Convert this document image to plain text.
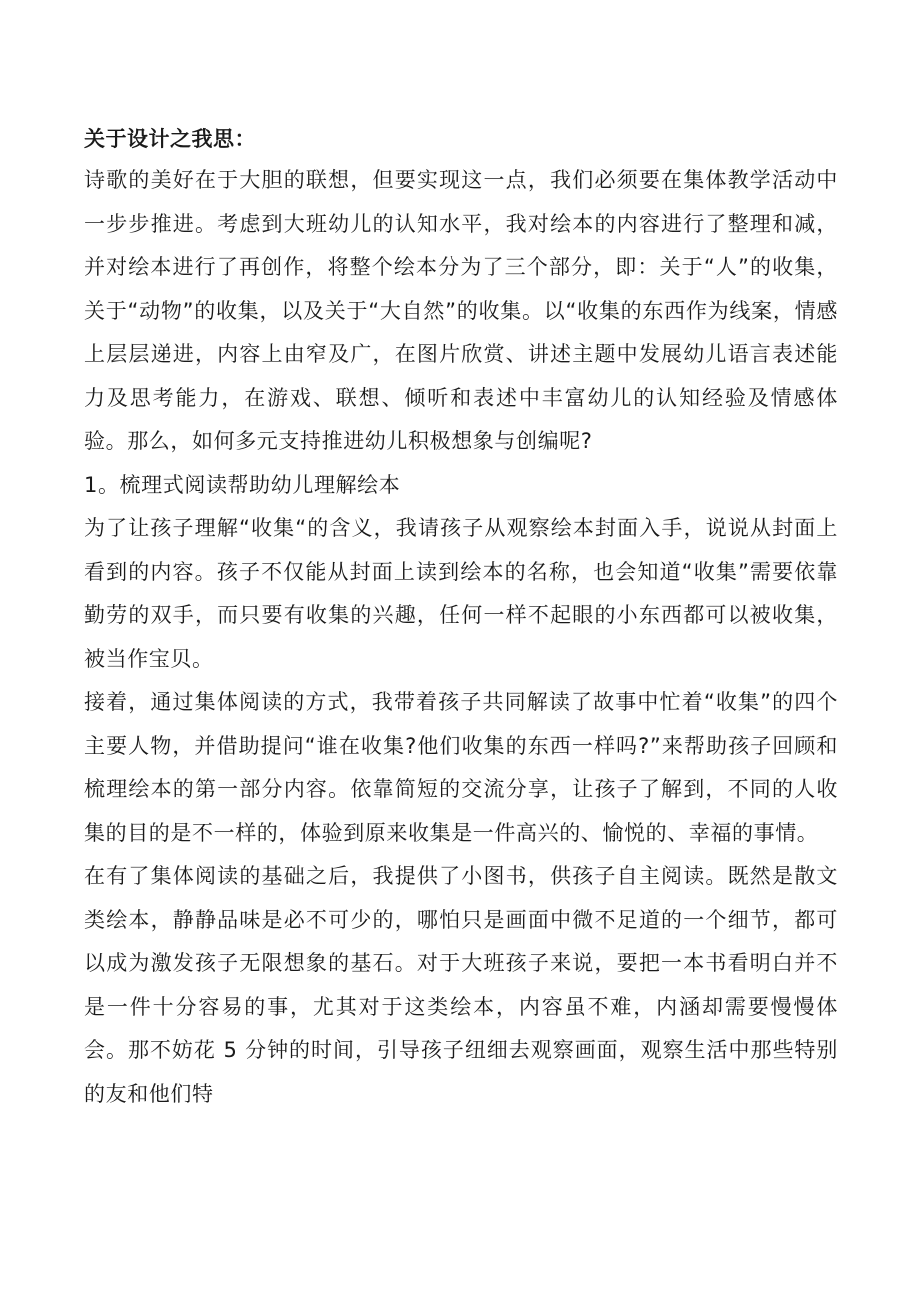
关于设计之我思：

诗歌的美好在于大胆的联想，但要实现这一点，我们必须要在集体教学活动中一步步推进。考虑到大班幼儿的认知水平，我对绘本的内容进行了整理和减，并对绘本进行了再创作，将整个绘本分为了三个部分，即：关于“人”的收集，关于“动物”的收集，以及关于“大自然”的收集。以“收集的东西作为线案，情感上层层递进，内容上由窄及广，在图片欣赏、讲述主题中发展幼儿语言表述能力及思考能力，在游戏、联想、倾听和表述中丰富幼儿的认知经验及情感体验。那么，如何多元支持推进幼儿积极想象与创编呢?

1。梳理式阅读帮助幼儿理解绘本

为了让孩子理解“收集“的含义，我请孩子从观察绘本封面入手，说说从封面上看到的内容。孩子不仅能从封面上读到绘本的名称，也会知道“收集”需要依靠勤劳的双手，而只要有收集的兴趣，任何一样不起眼的小东西都可以被收集，被当作宝贝。

接着，通过集体阅读的方式，我带着孩子共同解读了故事中忙着“收集”的四个主要人物，并借助提问“谁在收集?他们收集的东西一样吗?”来帮助孩子回顾和梳理绘本的第一部分内容。依靠简短的交流分享，让孩子了解到，不同的人收集的目的是不一样的，体验到原来收集是一件高兴的、愉悦的、幸福的事情。

在有了集体阅读的基础之后，我提供了小图书，供孩子自主阅读。既然是散文类绘本，静静品味是必不可少的，哪怕只是画面中微不足道的一个细节，都可以成为激发孩子无限想象的基石。对于大班孩子来说，要把一本书看明白并不是一件十分容易的事，尤其对于这类绘本，内容虽不难，内涵却需要慢慢体会。那不妨花 5 分钟的时间，引导孩子纽细去观察画面，观察生活中那些特别的友和他们特
